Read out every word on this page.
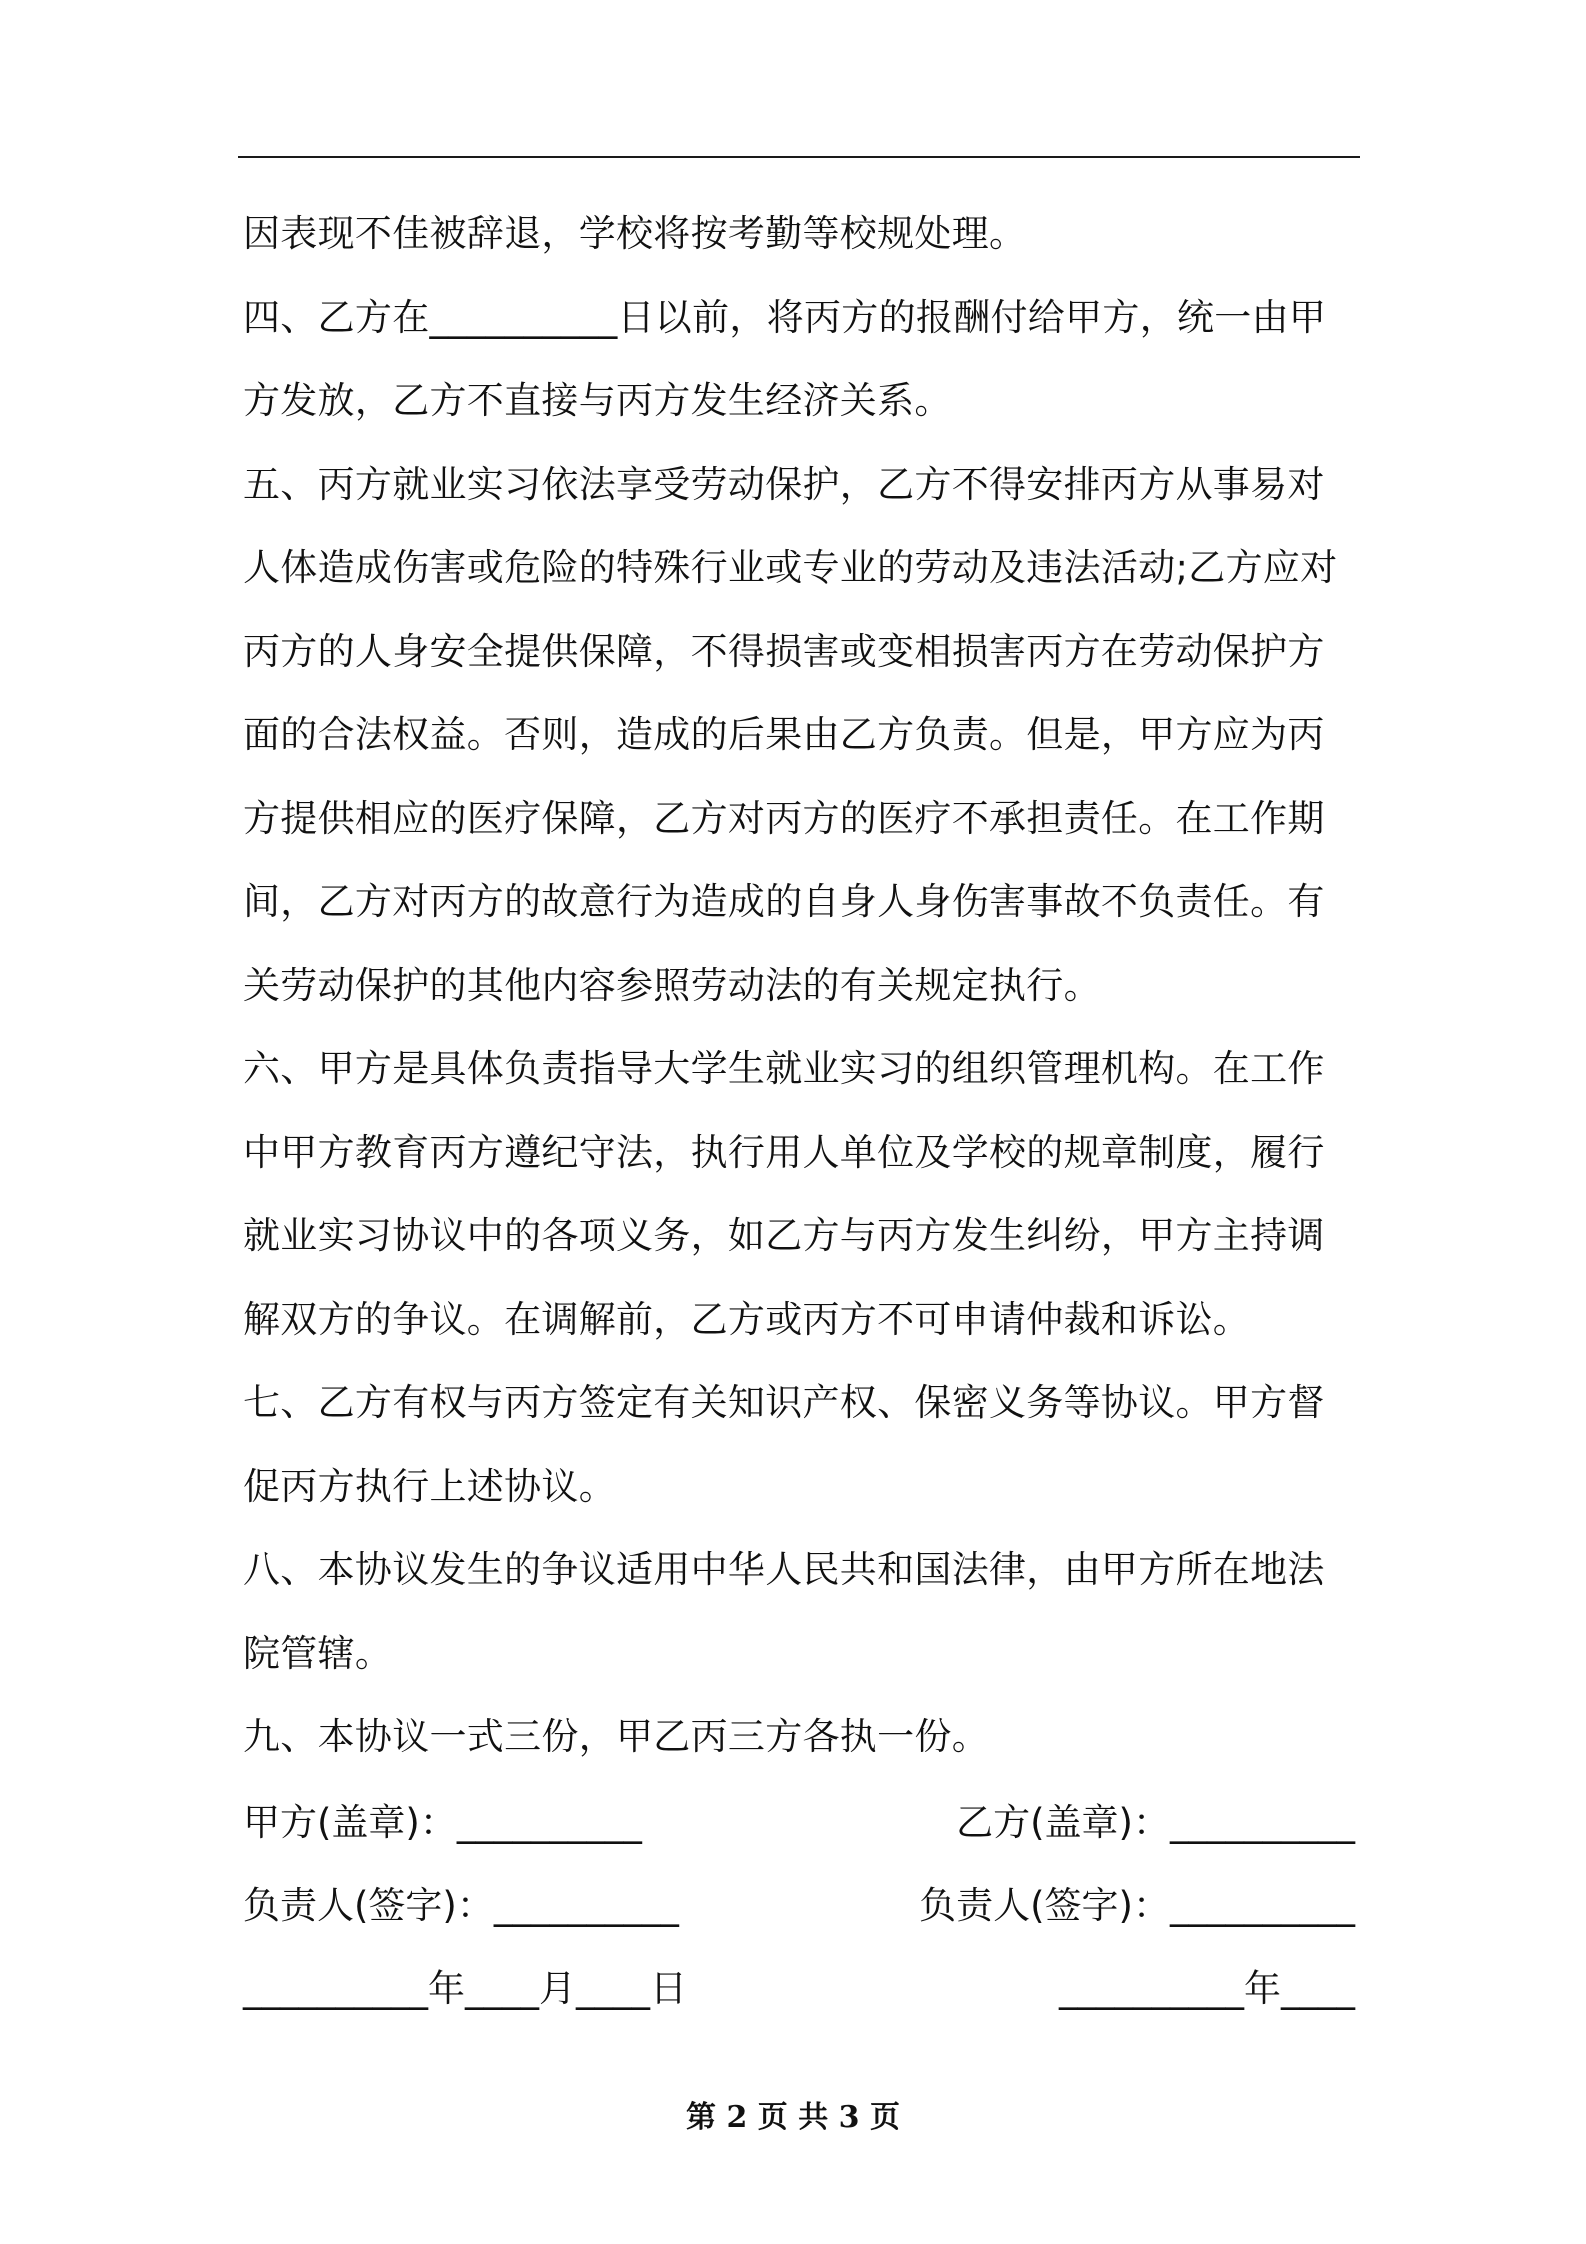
因表现不佳被辞退，学校将按考勤等校规处理。

四、乙方在__________日以前，将丙方的报酬付给甲方，统一由甲方发放，乙方不直接与丙方发生经济关系。

五、丙方就业实习依法享受劳动保护，乙方不得安排丙方从事易对人体造成伤害或危险的特殊行业或专业的劳动及违法活动;乙方应对丙方的人身安全提供保障，不得损害或变相损害丙方在劳动保护方面的合法权益。否则，造成的后果由乙方负责。但是，甲方应为丙方提供相应的医疗保障，乙方对丙方的医疗不承担责任。在工作期间，乙方对丙方的故意行为造成的自身人身伤害事故不负责任。有关劳动保护的其他内容参照劳动法的有关规定执行。

六、甲方是具体负责指导大学生就业实习的组织管理机构。在工作中甲方教育丙方遵纪守法，执行用人单位及学校的规章制度，履行就业实习协议中的各项义务，如乙方与丙方发生纠纷，甲方主持调解双方的争议。在调解前，乙方或丙方不可申请仲裁和诉讼。

七、乙方有权与丙方签定有关知识产权、保密义务等协议。甲方督促丙方执行上述协议。

八、本协议发生的争议适用中华人民共和国法律，由甲方所在地法院管辖。

九、本协议一式三份，甲乙丙三方各执一份。

甲方(盖章)：__________	乙方(盖章)：__________
负责人(签字)：__________	负责人(签字)：__________
__________年____月____日	__________年____
第 2 页 共 3 页
